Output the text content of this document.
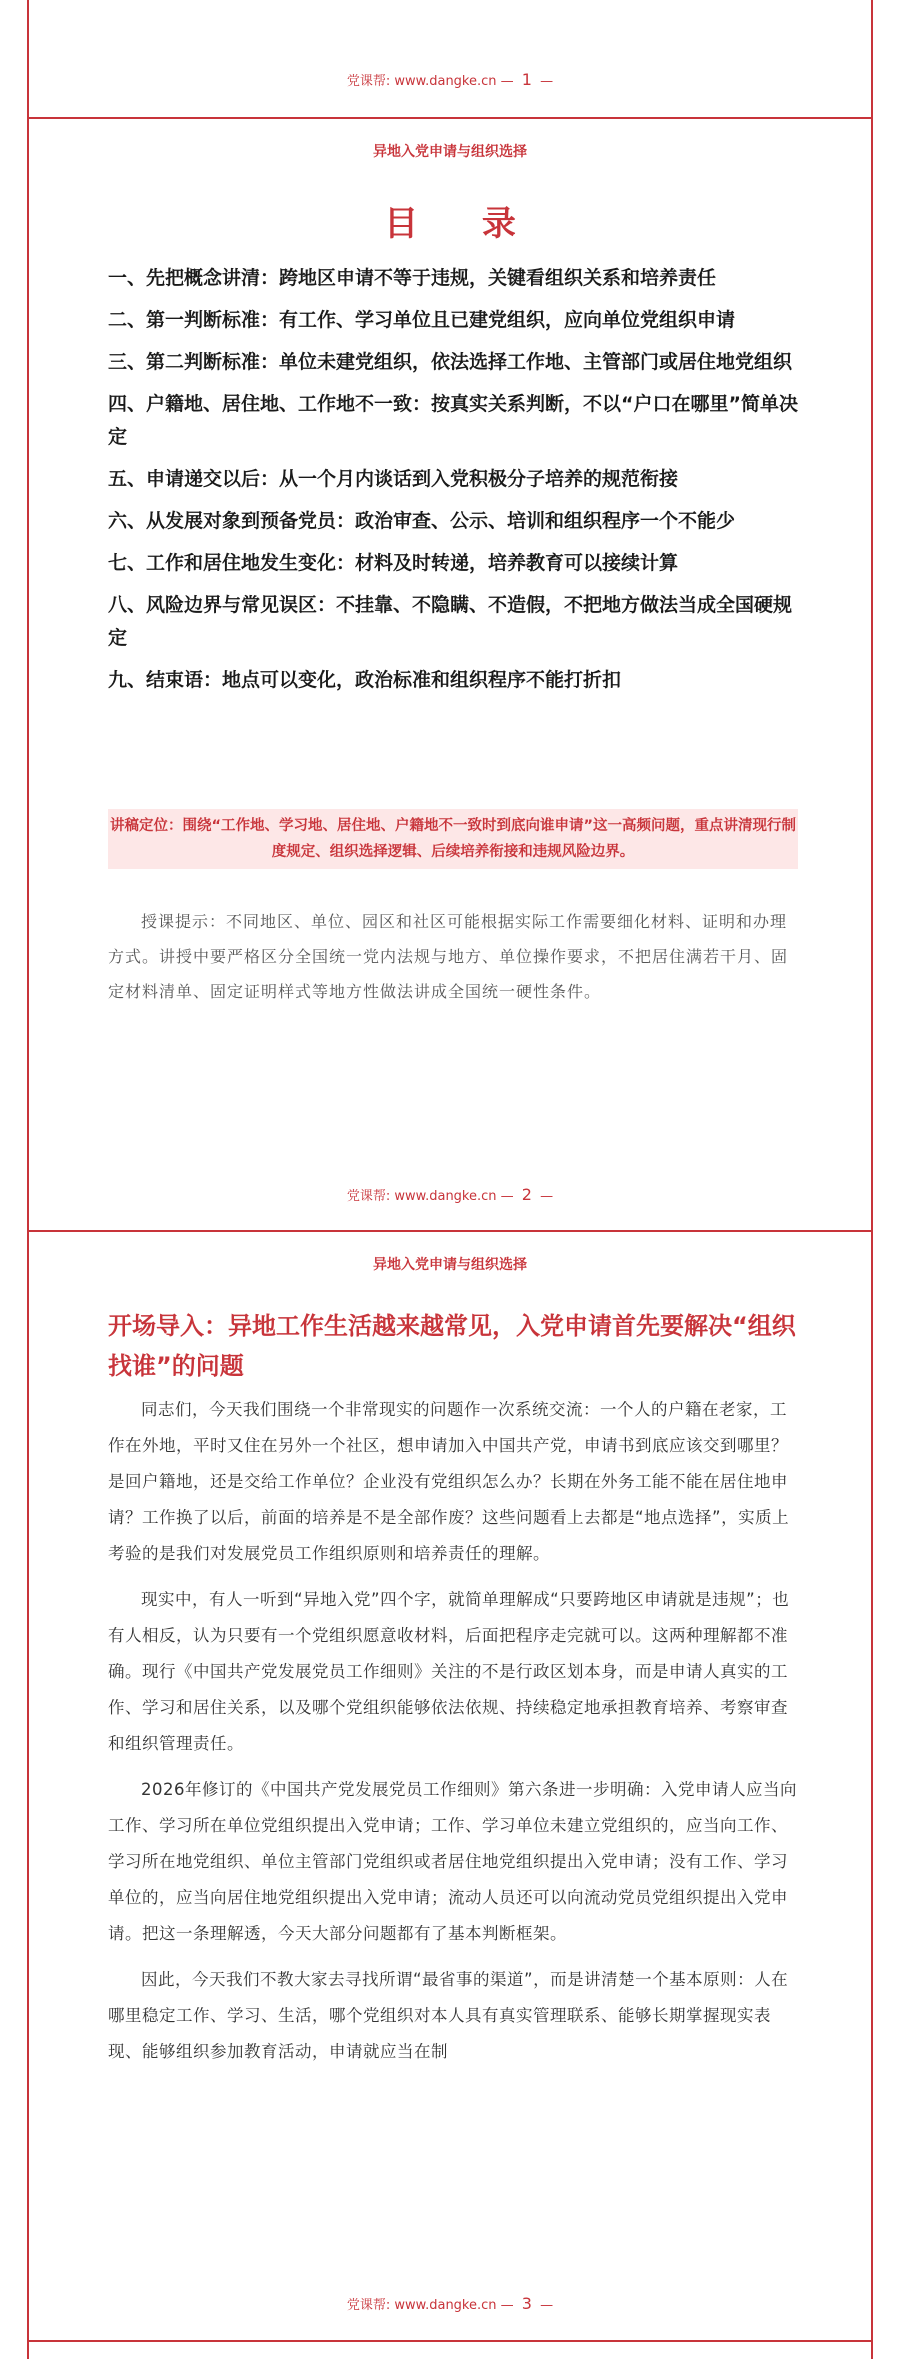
党课帮: www.dangke.cn — 1 —
异地入党申请与组织选择
目 录
一、先把概念讲清：跨地区申请不等于违规，关键看组织关系和培养责任
二、第一判断标准：有工作、学习单位且已建党组织，应向单位党组织申请
三、第二判断标准：单位未建党组织，依法选择工作地、主管部门或居住地党组织
四、户籍地、居住地、工作地不一致：按真实关系判断，不以“户口在哪里”简单决定
五、申请递交以后：从一个月内谈话到入党积极分子培养的规范衔接
六、从发展对象到预备党员：政治审查、公示、培训和组织程序一个不能少
七、工作和居住地发生变化：材料及时转递，培养教育可以接续计算
八、风险边界与常见误区：不挂靠、不隐瞒、不造假，不把地方做法当成全国硬规定
九、结束语：地点可以变化，政治标准和组织程序不能打折扣
讲稿定位：围绕“工作地、学习地、居住地、户籍地不一致时到底向谁申请”这一高频问题，重点讲清现行制度规定、组织选择逻辑、后续培养衔接和违规风险边界。

授课提示：不同地区、单位、园区和社区可能根据实际工作需要细化材料、证明和办理方式。讲授中要严格区分全国统一党内法规与地方、单位操作要求，不把居住满若干月、固定材料清单、固定证明样式等地方性做法讲成全国统一硬性条件。

党课帮: www.dangke.cn — 2 —
异地入党申请与组织选择
开场导入：异地工作生活越来越常见，入党申请首先要解决“组织找谁”的问题

同志们，今天我们围绕一个非常现实的问题作一次系统交流：一个人的户籍在老家，工作在外地，平时又住在另外一个社区，想申请加入中国共产党，申请书到底应该交到哪里？是回户籍地，还是交给工作单位？企业没有党组织怎么办？长期在外务工能不能在居住地申请？工作换了以后，前面的培养是不是全部作废？这些问题看上去都是“地点选择”，实质上考验的是我们对发展党员工作组织原则和培养责任的理解。

现实中，有人一听到“异地入党”四个字，就简单理解成“只要跨地区申请就是违规”；也有人相反，认为只要有一个党组织愿意收材料，后面把程序走完就可以。这两种理解都不准确。现行《中国共产党发展党员工作细则》关注的不是行政区划本身，而是申请人真实的工作、学习和居住关系，以及哪个党组织能够依法依规、持续稳定地承担教育培养、考察审查和组织管理责任。

2026年修订的《中国共产党发展党员工作细则》第六条进一步明确：入党申请人应当向工作、学习所在单位党组织提出入党申请；工作、学习单位未建立党组织的，应当向工作、学习所在地党组织、单位主管部门党组织或者居住地党组织提出入党申请；没有工作、学习单位的，应当向居住地党组织提出入党申请；流动人员还可以向流动党员党组织提出入党申请。把这一条理解透，今天大部分问题都有了基本判断框架。

因此，今天我们不教大家去寻找所谓“最省事的渠道”，而是讲清楚一个基本原则：人在哪里稳定工作、学习、生活，哪个党组织对本人具有真实管理联系、能够长期掌握现实表现、能够组织参加教育活动，申请就应当在制

党课帮: www.dangke.cn — 3 —
